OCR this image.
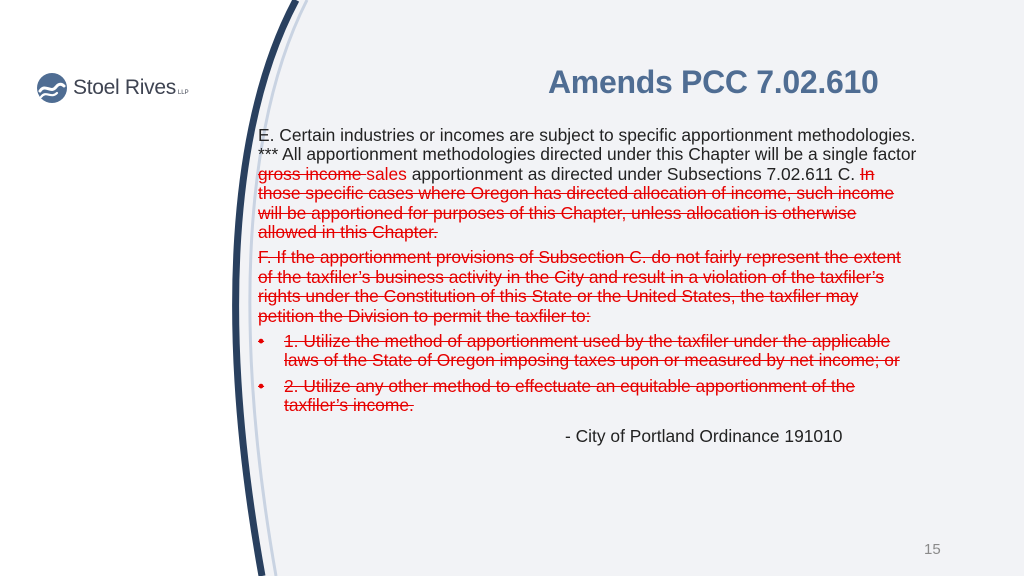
Stoel Rives LLP	Amends PCC 7.02.610

E. Certain industries or incomes are subject to specific apportionment methodologies. *** All apportionment methodologies directed under this Chapter will be a single factor gross income sales apportionment as directed under Subsections 7.02.611 C. In those specific cases where Oregon has directed allocation of income, such income will be apportioned for purposes of this Chapter, unless allocation is otherwise allowed in this Chapter.

F. If the apportionment provisions of Subsection C. do not fairly represent the extent of the taxfiler’s business activity in the City and result in a violation of the taxfiler’s rights under the Constitution of this State or the United States, the taxfiler may petition the Division to permit the taxfiler to:

• 1. Utilize the method of apportionment used by the taxfiler under the applicable laws of the State of Oregon imposing taxes upon or measured by net income; or
• 2. Utilize any other method to effectuate an equitable apportionment of the taxfiler’s income.

- City of Portland Ordinance 191010

15
